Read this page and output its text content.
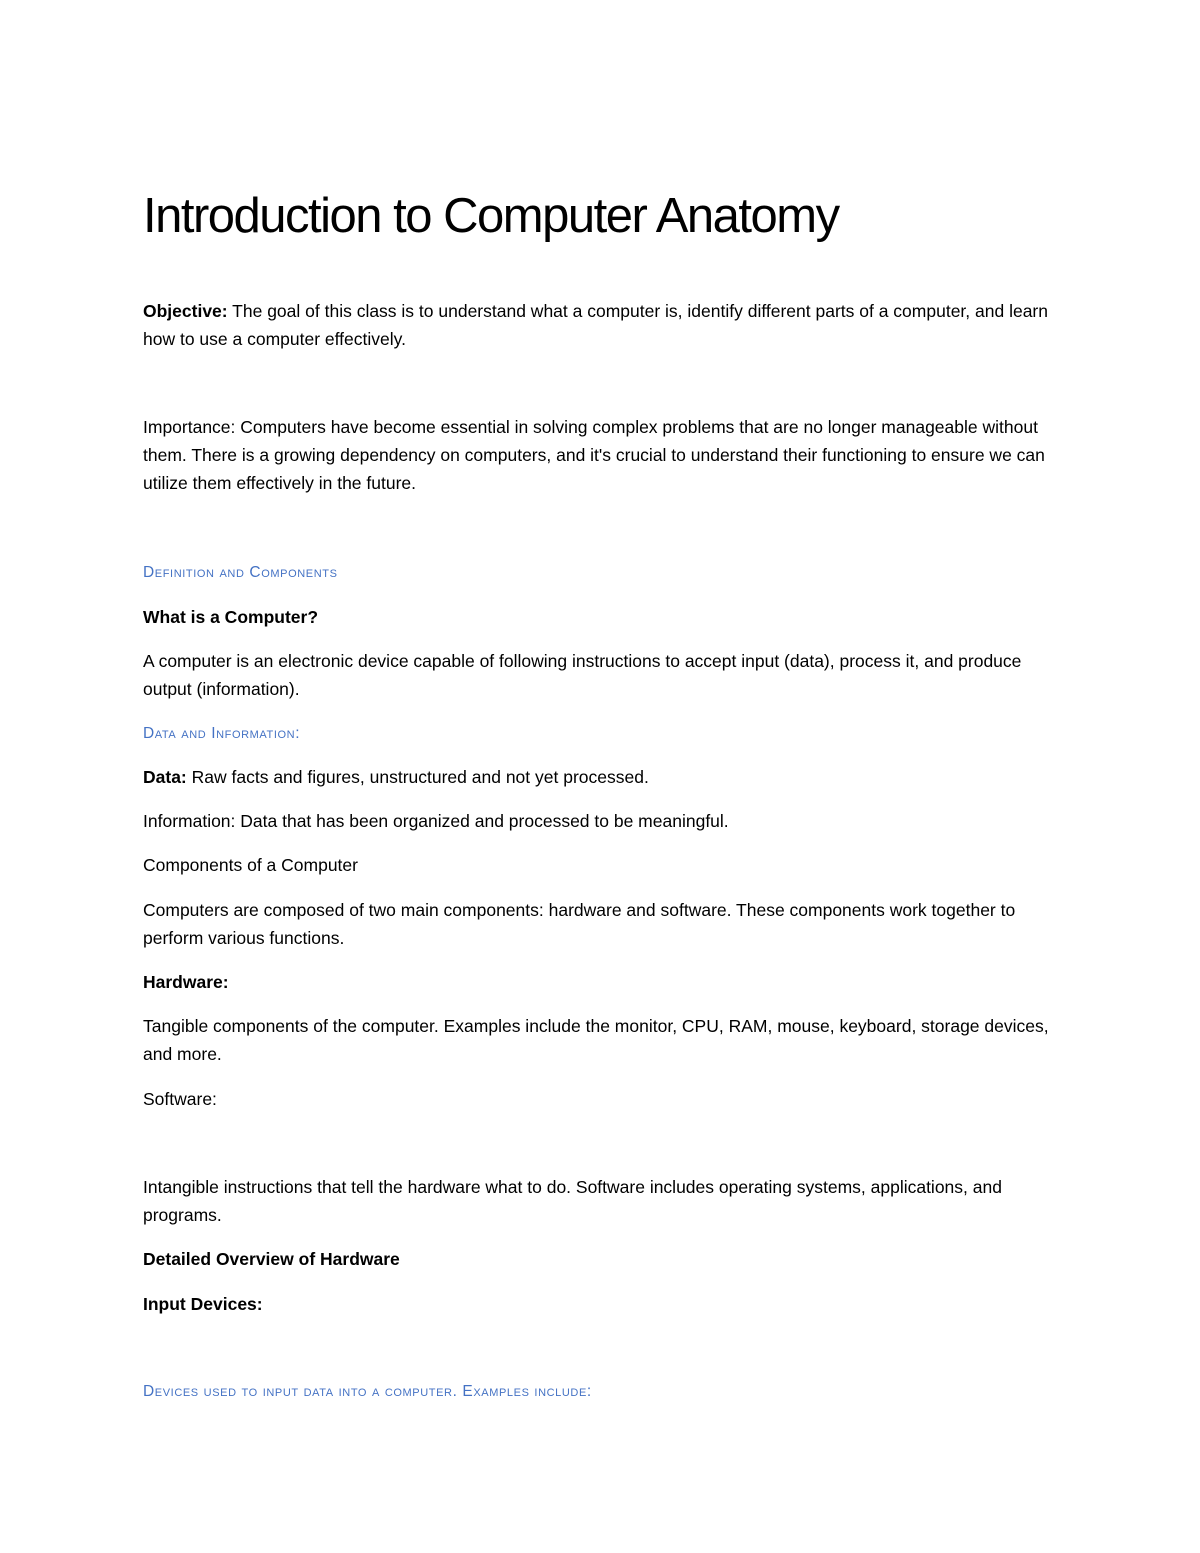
Introduction to Computer Anatomy

Objective: The goal of this class is to understand what a computer is, identify different parts of a computer, and learn how to use a computer effectively.

Importance: Computers have become essential in solving complex problems that are no longer manageable without them. There is a growing dependency on computers, and it's crucial to understand their functioning to ensure we can utilize them effectively in the future.

Definition and Components

What is a Computer?

A computer is an electronic device capable of following instructions to accept input (data), process it, and produce output (information).

Data and Information:

Data: Raw facts and figures, unstructured and not yet processed.

Information: Data that has been organized and processed to be meaningful.

Components of a Computer

Computers are composed of two main components: hardware and software. These components work together to perform various functions.

Hardware:

Tangible components of the computer. Examples include the monitor, CPU, RAM, mouse, keyboard, storage devices, and more.

Software:

Intangible instructions that tell the hardware what to do. Software includes operating systems, applications, and programs.

Detailed Overview of Hardware

Input Devices:

Devices used to input data into a computer. Examples include:
